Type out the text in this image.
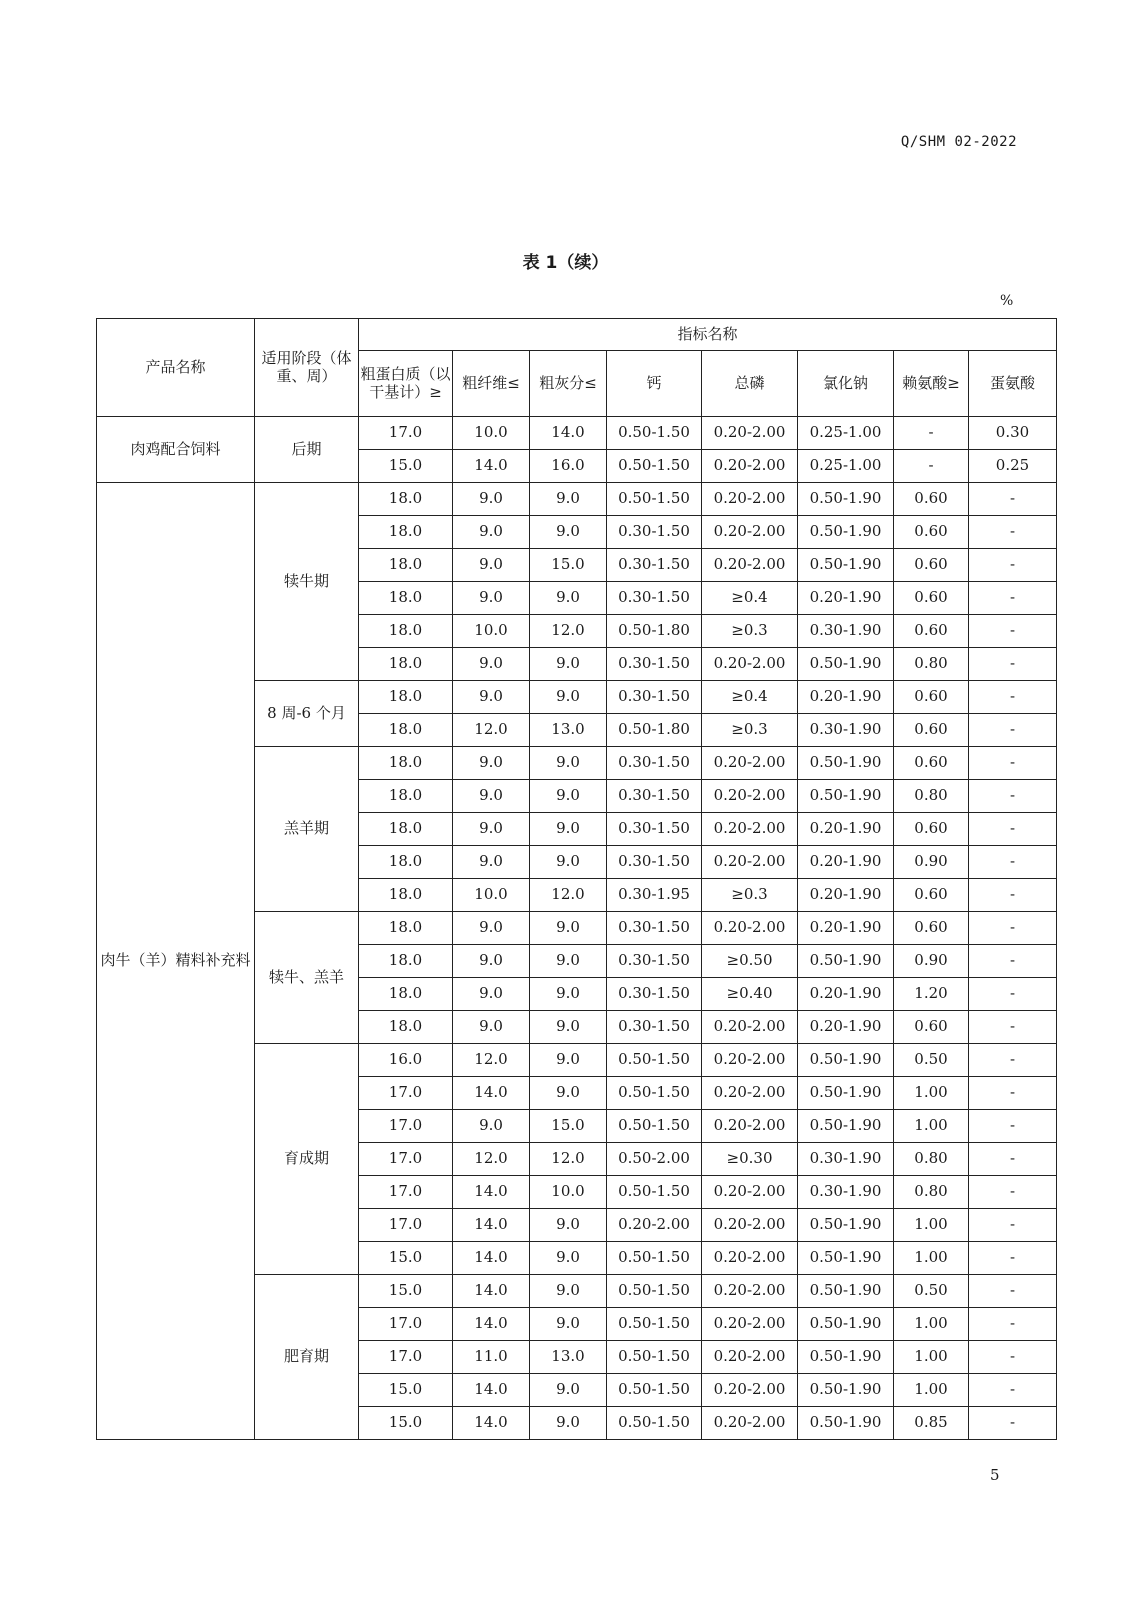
Q/SHM 02-2022
表 1（续）
%
产品名称	适用阶段（体重、周）	指标名称							
		粗蛋白质（以干基计）≥	粗纤维≤	粗灰分≤	钙	总磷	氯化钠	赖氨酸≥	蛋氨酸
肉鸡配合饲料	后期	17.0	10.0	14.0	0.50-1.50	0.20-2.00	0.25-1.00	-	0.30
		15.0	14.0	16.0	0.50-1.50	0.20-2.00	0.25-1.00	-	0.25
肉牛（羊）精料补充料	犊牛期	18.0	9.0	9.0	0.50-1.50	0.20-2.00	0.50-1.90	0.60	-
		18.0	9.0	9.0	0.30-1.50	0.20-2.00	0.50-1.90	0.60	-
		18.0	9.0	15.0	0.30-1.50	0.20-2.00	0.50-1.90	0.60	-
		18.0	9.0	9.0	0.30-1.50	≥0.4	0.20-1.90	0.60	-
		18.0	10.0	12.0	0.50-1.80	≥0.3	0.30-1.90	0.60	-
		18.0	9.0	9.0	0.30-1.50	0.20-2.00	0.50-1.90	0.80	-
	8 周-6 个月	18.0	9.0	9.0	0.30-1.50	≥0.4	0.20-1.90	0.60	-
		18.0	12.0	13.0	0.50-1.80	≥0.3	0.30-1.90	0.60	-
	羔羊期	18.0	9.0	9.0	0.30-1.50	0.20-2.00	0.50-1.90	0.60	-
		18.0	9.0	9.0	0.30-1.50	0.20-2.00	0.50-1.90	0.80	-
		18.0	9.0	9.0	0.30-1.50	0.20-2.00	0.20-1.90	0.60	-
		18.0	9.0	9.0	0.30-1.50	0.20-2.00	0.20-1.90	0.90	-
		18.0	10.0	12.0	0.30-1.95	≥0.3	0.20-1.90	0.60	-
	犊牛、羔羊	18.0	9.0	9.0	0.30-1.50	0.20-2.00	0.20-1.90	0.60	-
		18.0	9.0	9.0	0.30-1.50	≥0.50	0.50-1.90	0.90	-
		18.0	9.0	9.0	0.30-1.50	≥0.40	0.20-1.90	1.20	-
		18.0	9.0	9.0	0.30-1.50	0.20-2.00	0.20-1.90	0.60	-
	育成期	16.0	12.0	9.0	0.50-1.50	0.20-2.00	0.50-1.90	0.50	-
		17.0	14.0	9.0	0.50-1.50	0.20-2.00	0.50-1.90	1.00	-
		17.0	9.0	15.0	0.50-1.50	0.20-2.00	0.50-1.90	1.00	-
		17.0	12.0	12.0	0.50-2.00	≥0.30	0.30-1.90	0.80	-
		17.0	14.0	10.0	0.50-1.50	0.20-2.00	0.30-1.90	0.80	-
		17.0	14.0	9.0	0.20-2.00	0.20-2.00	0.50-1.90	1.00	-
		15.0	14.0	9.0	0.50-1.50	0.20-2.00	0.50-1.90	1.00	-
	肥育期	15.0	14.0	9.0	0.50-1.50	0.20-2.00	0.50-1.90	0.50	-
		17.0	14.0	9.0	0.50-1.50	0.20-2.00	0.50-1.90	1.00	-
		17.0	11.0	13.0	0.50-1.50	0.20-2.00	0.50-1.90	1.00	-
		15.0	14.0	9.0	0.50-1.50	0.20-2.00	0.50-1.90	1.00	-
		15.0	14.0	9.0	0.50-1.50	0.20-2.00	0.50-1.90	0.85	-
5
